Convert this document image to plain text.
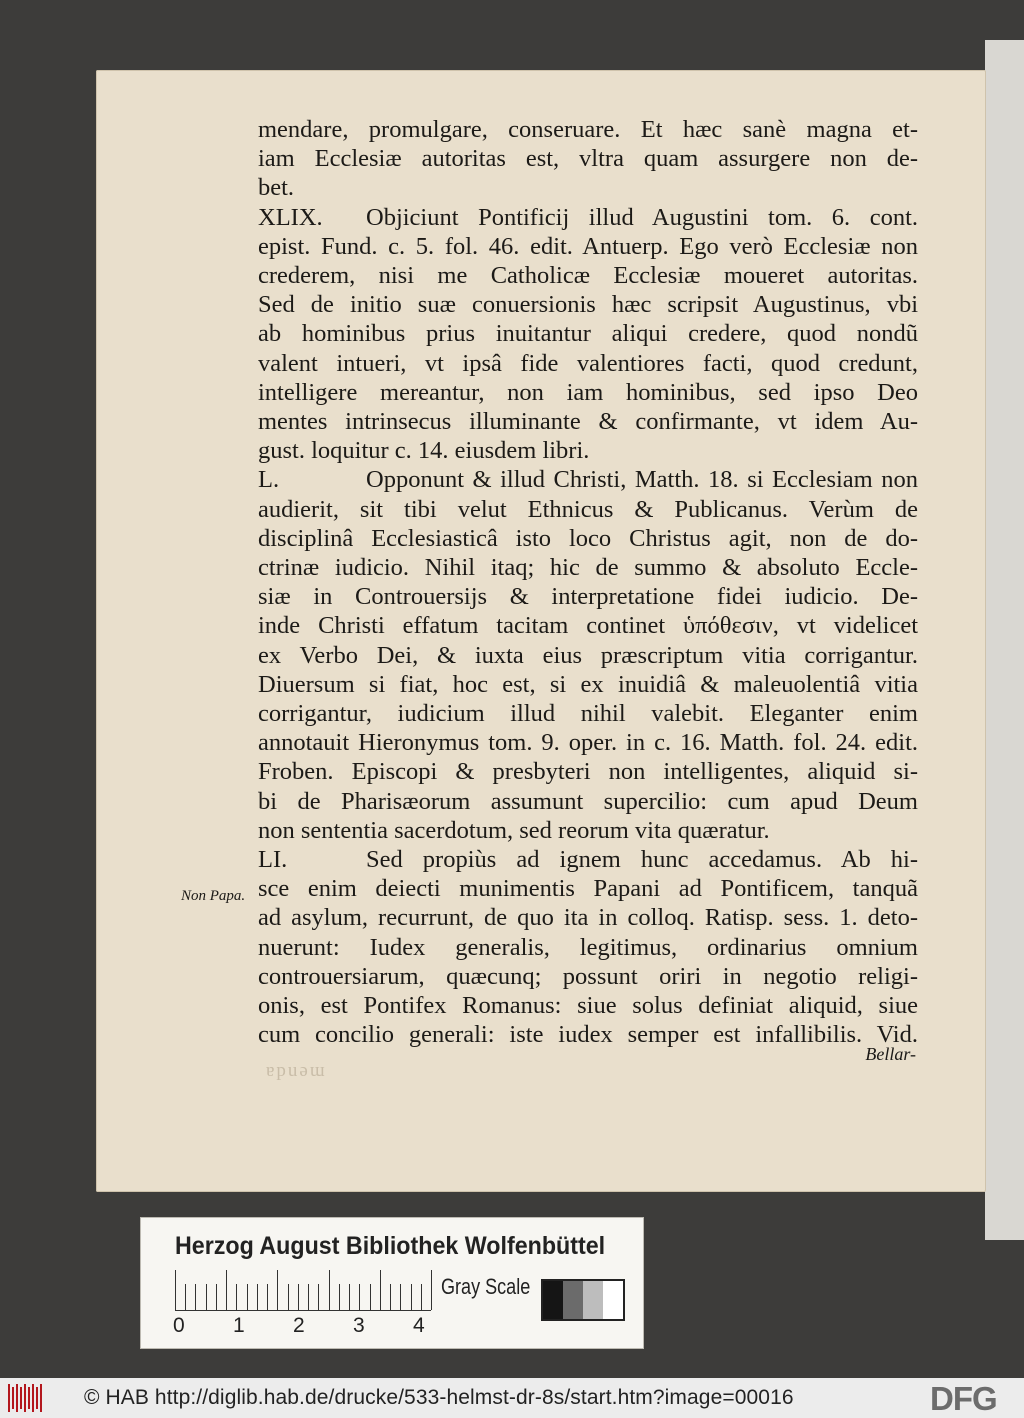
mendare, promulgare, conseruare. Et hæc sanè magna et-
iam Ecclesiæ autoritas est, vltra quam assurgere non de-
bet.
XLIX. Objiciunt Pontificij illud Augustini tom. 6. cont.
epist. Fund. c. 5. fol. 46. edit. Antuerp. Ego verò Ecclesiæ non
crederem, nisi me Catholicæ Ecclesiæ moueret autoritas.
Sed de initio suæ conuersionis hæc scripsit Augustinus, vbi
ab hominibus prius inuitantur aliqui credere, quod nondũ
valent intueri, vt ipsâ fide valentiores facti, quod credunt,
intelligere mereantur, non iam hominibus, sed ipso Deo
mentes intrinsecus illuminante & confirmante, vt idem Au-
gust. loquitur c. 14. eiusdem libri.
L.	Opponunt & illud Christi, Matth. 18. si Ecclesiam non
audierit, sit tibi velut Ethnicus & Publicanus. Verùm de
disciplinâ Ecclesiasticâ isto loco Christus agit, non de do-
ctrinæ iudicio. Nihil itaq; hic de summo & absoluto Eccle-
siæ in Controuersijs & interpretatione fidei iudicio. De-
inde Christi effatum tacitam continet ὑπόθεσιν, vt videlicet
ex Verbo Dei, & iuxta eius præscriptum vitia corrigantur.
Diuersum si fiat, hoc est, si ex inuidiâ & maleuolentiâ vitia
corrigantur, iudicium illud nihil valebit. Eleganter enim
annotauit Hieronymus tom. 9. oper. in c. 16. Matth. fol. 24. edit.
Froben. Episcopi & presbyteri non intelligentes, aliquid si-
bi de Pharisæorum assumunt supercilio: cum apud Deum
non sententia sacerdotum, sed reorum vita quæratur.
LI.	Sed propiùs ad ignem hunc accedamus. Ab hi-
sce enim deiecti munimentis Papani ad Pontificem, tanquã
ad asylum, recurrunt, de quo ita in colloq. Ratisp. sess. 1. deto-
nuerunt: Iudex generalis, legitimus, ordinarius omnium
controuersiarum, quæcunq; possunt oriri in negotio religi-
onis, est Pontifex Romanus: siue solus definiat aliquid, siue
cum concilio generali: iste iudex semper est infallibilis. Vid.
Non Papa.
Bellar-
ɐpuəɯ
Herzog August Bibliothek Wolfenbüttel
0 1 2 3 4
Gray Scale
© HAB http://diglib.hab.de/drucke/533-helmst-dr-8s/start.htm?image=00016	DFG
